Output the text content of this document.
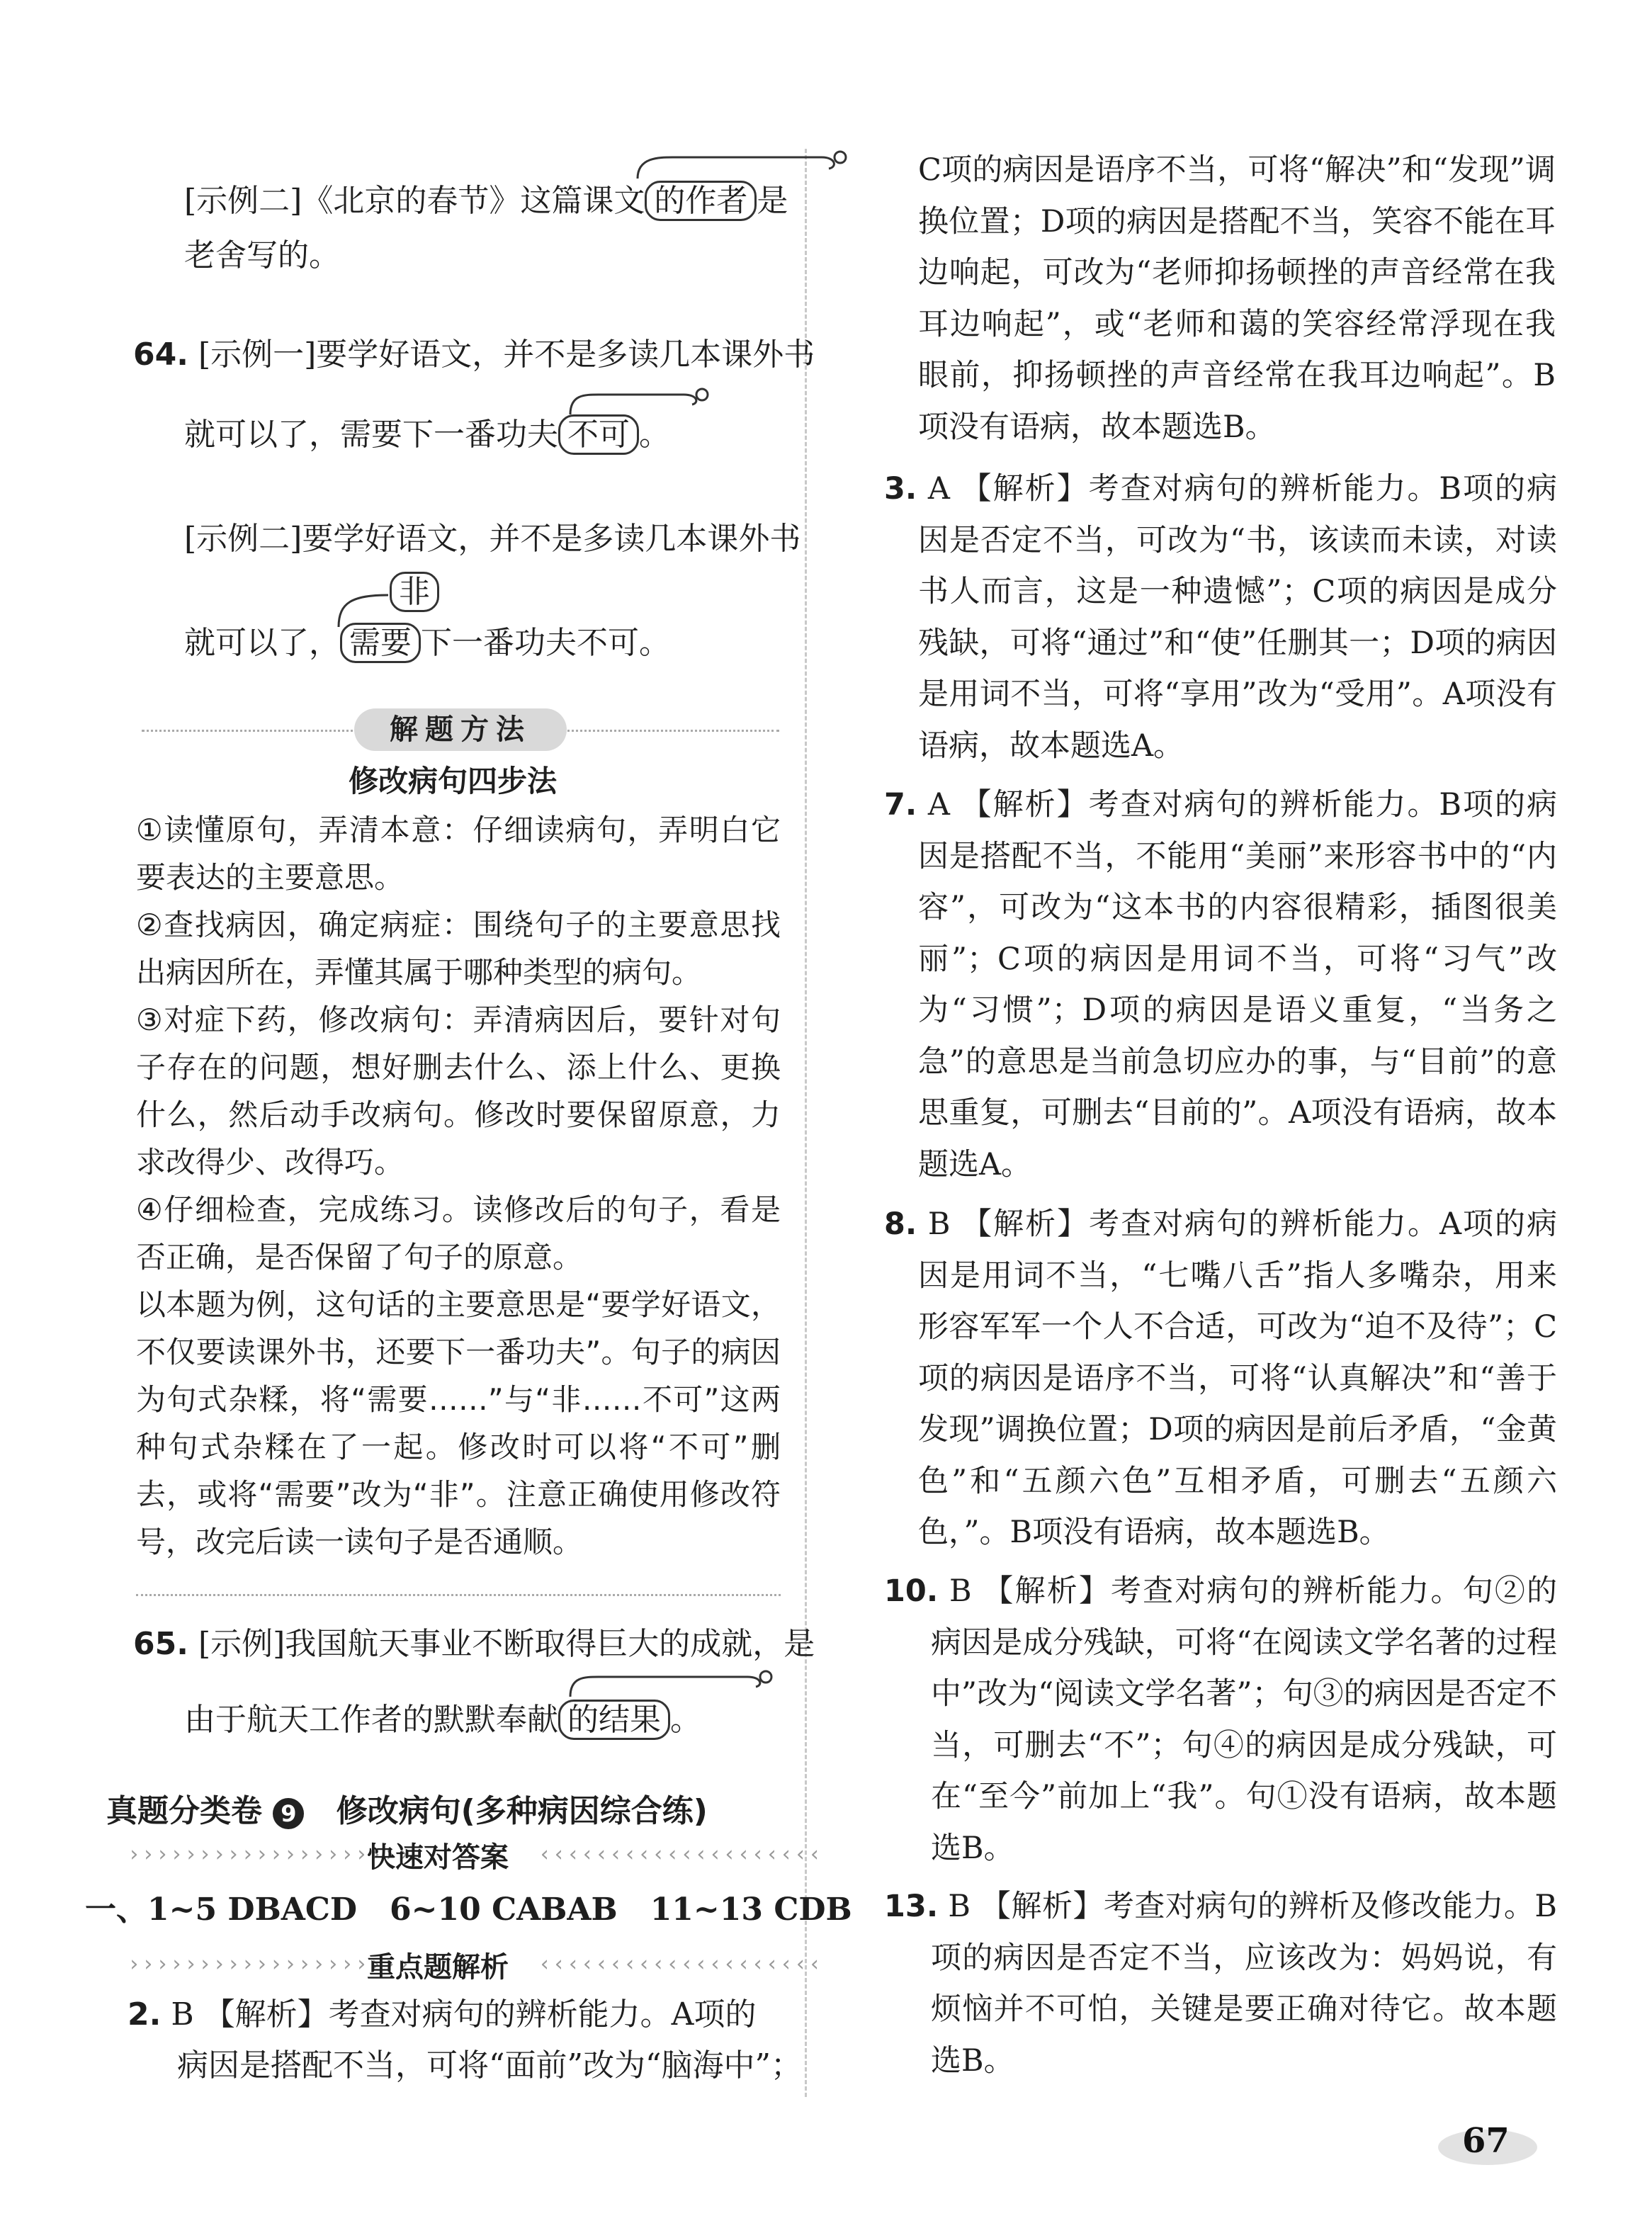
[示例二]《北京的春节》这篇课文 的作者 是
老舍写的。
64. [示例一]要学好语文，并不是多读几本课外书
就可以了，需要下一番功夫 不可 。
[示例二]要学好语文，并不是多读几本课外书
非
就可以了， 需要 下一番功夫不可。
解题方法
修改病句四步法

①读懂原句，弄清本意：仔细读病句，弄明白它要表达的主要意思。

②查找病因，确定病症：围绕句子的主要意思找出病因所在，弄懂其属于哪种类型的病句。

③对症下药，修改病句：弄清病因后，要针对句子存在的问题，想好删去什么、添上什么、更换什么，然后动手改病句。修改时要保留原意，力求改得少、改得巧。

④仔细检查，完成练习。读修改后的句子，看是否正确，是否保留了句子的原意。

以本题为例，这句话的主要意思是“要学好语文，不仅要读课外书，还要下一番功夫”。句子的病因为句式杂糅，将“需要……”与“非……不可”这两种句式杂糅在了一起。修改时可以将“不可”删去，或将“需要”改为“非”。注意正确使用修改符号，改完后读一读句子是否通顺。

65. [示例]我国航天事业不断取得巨大的成就，是
由于航天工作者的默默奉献 的结果 。
真题分类卷 9 修改病句(多种病因综合练)
››››››››››››››››››››
快速对答案 ‹‹‹‹‹‹‹‹‹‹‹‹‹‹‹‹‹‹‹‹
一、1~5 DBACD   6~10 CABAB   11~13 CDB
››››››››››››››››››››
重点题解析 ‹‹‹‹‹‹‹‹‹‹‹‹‹‹‹‹‹‹‹‹
2. B 【解析】考查对病句的辨析能力。A项的
病因是搭配不当，可将“面前”改为“脑海中”；

C项的病因是语序不当，可将“解决”和“发现”调换位置；D项的病因是搭配不当，笑容不能在耳边响起，可改为“老师抑扬顿挫的声音经常在我耳边响起”，或“老师和蔼的笑容经常浮现在我眼前，抑扬顿挫的声音经常在我耳边响起”。B项没有语病，故本题选B。

3. A 【解析】考查对病句的辨析能力。B项的病因是否定不当，可改为“书，该读而未读，对读书人而言，这是一种遗憾”；C项的病因是成分残缺，可将“通过”和“使”任删其一；D项的病因是用词不当，可将“享用”改为“受用”。A项没有语病，故本题选A。

7. A 【解析】考查对病句的辨析能力。B项的病因是搭配不当，不能用“美丽”来形容书中的“内容”，可改为“这本书的内容很精彩，插图很美丽”；C项的病因是用词不当，可将“习气”改为“习惯”；D项的病因是语义重复，“当务之急”的意思是当前急切应办的事，与“目前”的意思重复，可删去“目前的”。A项没有语病，故本题选A。

8. B 【解析】考查对病句的辨析能力。A项的病因是用词不当，“七嘴八舌”指人多嘴杂，用来形容军军一个人不合适，可改为“迫不及待”；C项的病因是语序不当，可将“认真解决”和“善于发现”调换位置；D项的病因是前后矛盾，“金黄色”和“五颜六色”互相矛盾，可删去“五颜六色，”。B项没有语病，故本题选B。

10. B 【解析】考查对病句的辨析能力。句②的病因是成分残缺，可将“在阅读文学名著的过程中”改为“阅读文学名著”；句③的病因是否定不当，可删去“不”；句④的病因是成分残缺，可在“至今”前加上“我”。句①没有语病，故本题选B。

13. B 【解析】考查对病句的辨析及修改能力。B项的病因是否定不当，应该改为：妈妈说，有烦恼并不可怕，关键是要正确对待它。故本题选B。

67
